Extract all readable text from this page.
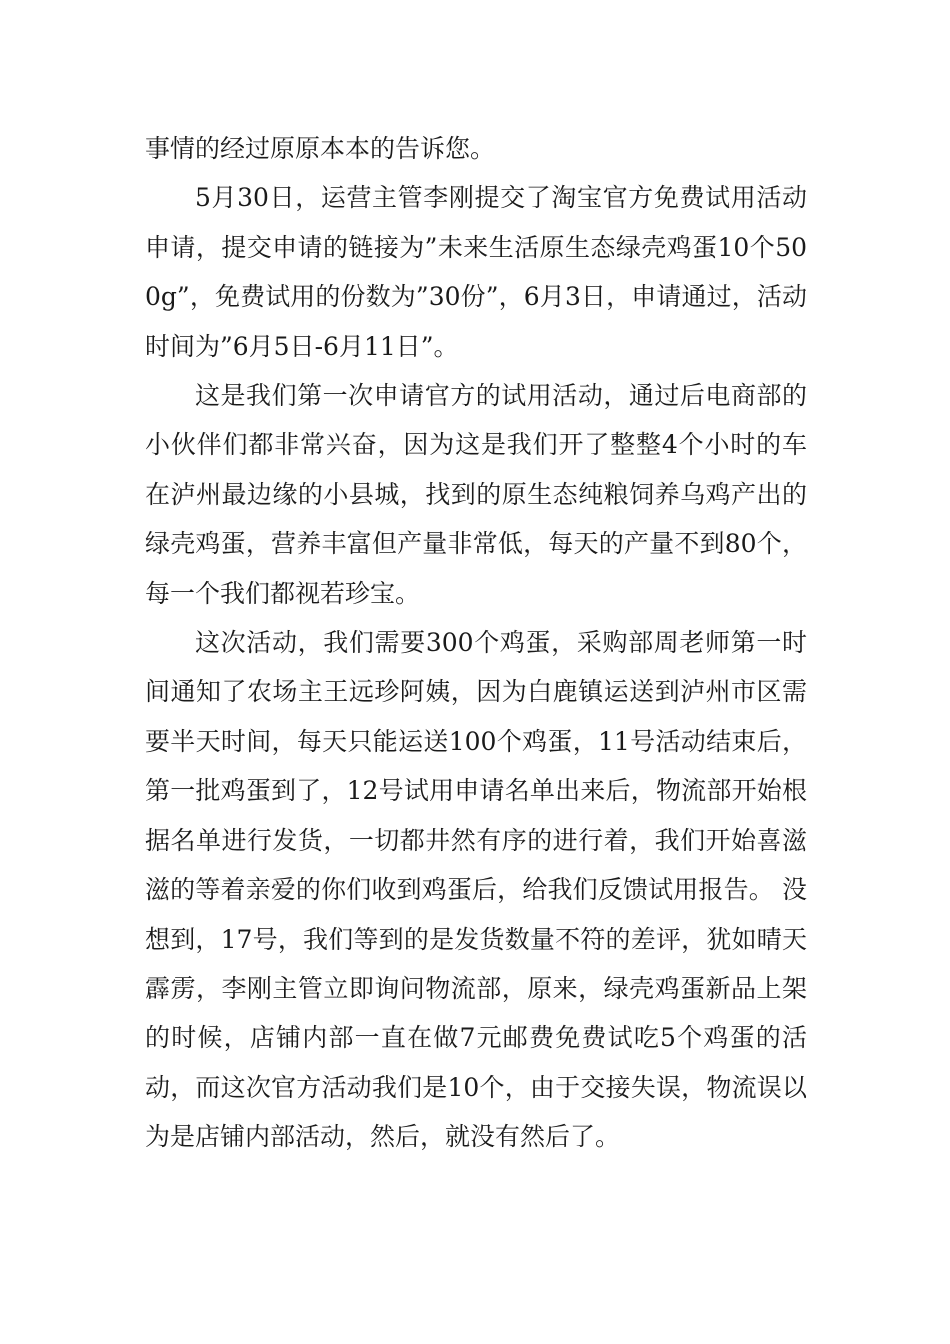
事情的经过原原本本的告诉您。

5月30日，运营主管李刚提交了淘宝官方免费试用活动申请，提交申请的链接为”未来生活原生态绿壳鸡蛋10个500g”，免费试用的份数为”30份”，6月3日，申请通过，活动时间为”6月5日-6月11日”。

这是我们第一次申请官方的试用活动，通过后电商部的小伙伴们都非常兴奋，因为这是我们开了整整4个小时的车在泸州最边缘的小县城，找到的原生态纯粮饲养乌鸡产出的绿壳鸡蛋，营养丰富但产量非常低，每天的产量不到80个，每一个我们都视若珍宝。

这次活动，我们需要300个鸡蛋，采购部周老师第一时间通知了农场主王远珍阿姨，因为白鹿镇运送到泸州市区需要半天时间，每天只能运送100个鸡蛋，11号活动结束后，第一批鸡蛋到了，12号试用申请名单出来后，物流部开始根据名单进行发货，一切都井然有序的进行着，我们开始喜滋滋的等着亲爱的你们收到鸡蛋后，给我们反馈试用报告。 没想到，17号，我们等到的是发货数量不符的差评，犹如晴天霹雳，李刚主管立即询问物流部，原来，绿壳鸡蛋新品上架的时候，店铺内部一直在做7元邮费免费试吃5个鸡蛋的活动，而这次官方活动我们是10个，由于交接失误，物流误以为是店铺内部活动，然后，就没有然后了。
